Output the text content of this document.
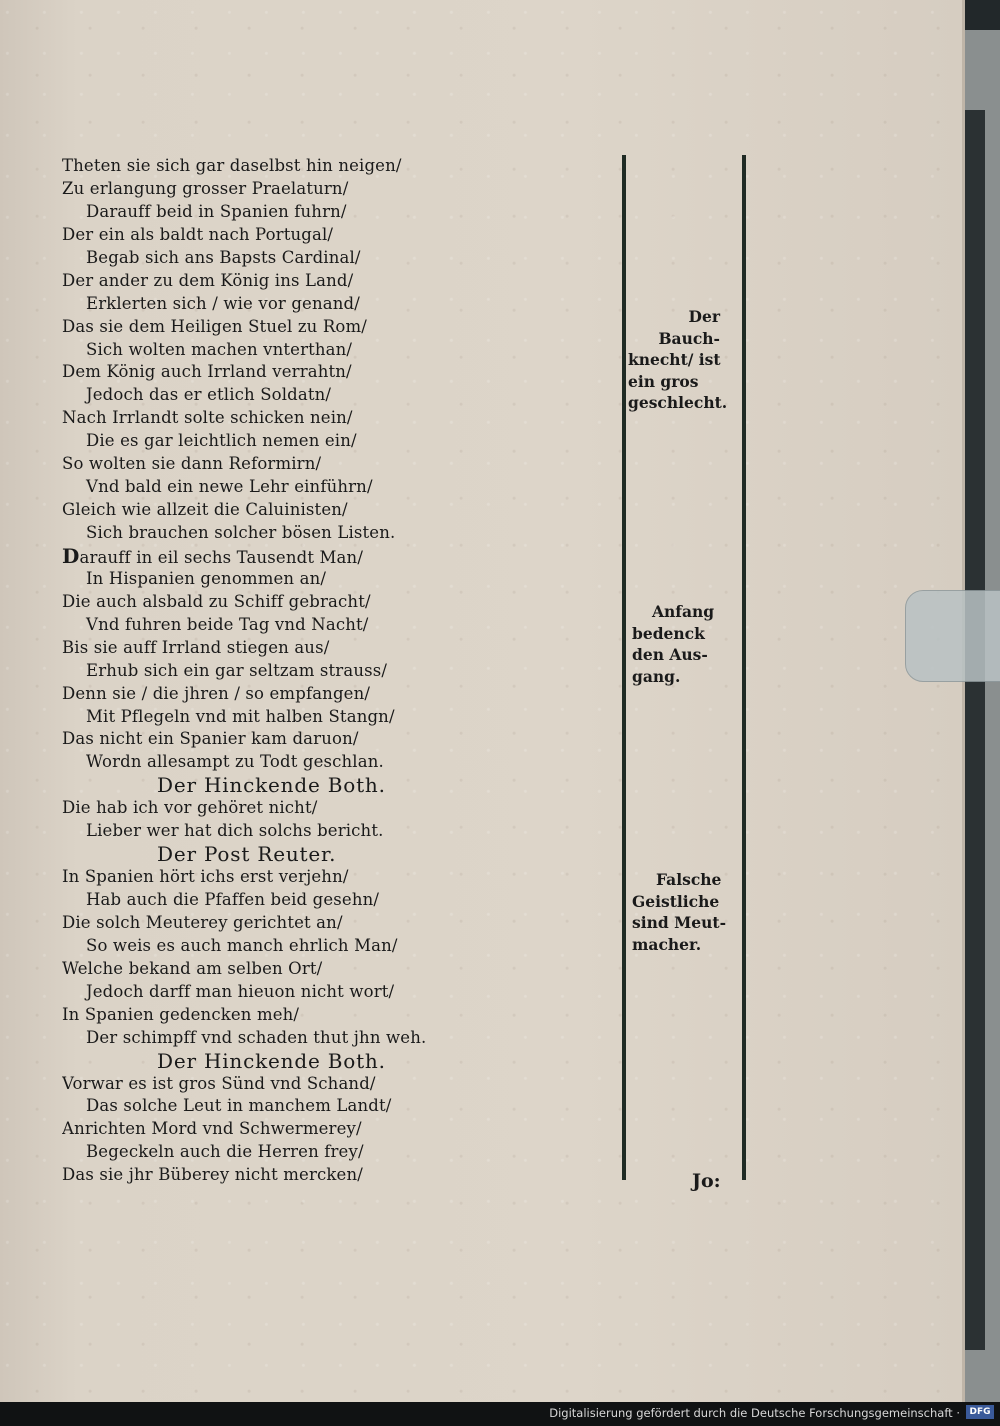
Theten sie sich gar daselbst hin neigen/
Zu erlangung grosser Praelaturn/
Darauff beid in Spanien fuhrn/
Der ein als baldt nach Portugal/
Begab sich ans Bapsts Cardinal/
Der ander zu dem König ins Land/
Erklerten sich / wie vor genand/
Das sie dem Heiligen Stuel zu Rom/
Sich wolten machen vnterthan/
Dem König auch Irrland verrahtn/
Jedoch das er etlich Soldatn/
Nach Irrlandt solte schicken nein/
Die es gar leichtlich nemen ein/
So wolten sie dann Reformirn/
Vnd bald ein newe Lehr einführn/
Gleich wie allzeit die Caluinisten/
Sich brauchen solcher bösen Listen.
Darauff in eil sechs Tausendt Man/
In Hispanien genommen an/
Die auch alsbald zu Schiff gebracht/
Vnd fuhren beide Tag vnd Nacht/
Bis sie auff Irrland stiegen aus/
Erhub sich ein gar seltzam strauss/
Denn sie / die jhren / so empfangen/
Mit Pflegeln vnd mit halben Stangn/
Das nicht ein Spanier kam daruon/
Wordn allesampt zu Todt geschlan.
Der Hinckende Both.
Die hab ich vor gehöret nicht/
Lieber wer hat dich solchs bericht.
Der Post Reuter.
In Spanien hört ichs erst verjehn/
Hab auch die Pfaffen beid gesehn/
Die solch Meuterey gerichtet an/
So weis es auch manch ehrlich Man/
Welche bekand am selben Ort/
Jedoch darff man hieuon nicht wort/
In Spanien gedencken meh/
Der schimpff vnd schaden thut jhn weh.
Der Hinckende Both.
Vorwar es ist gros Sünd vnd Schand/
Das solche Leut in manchem Landt/
Anrichten Mord vnd Schwermerey/
Begeckeln auch die Herren frey/
Das sie jhr Büberey nicht mercken/
Der
Bauch-
knecht/ ist
ein gros
geschlecht.
Anfang
bedenck
den Aus-
gang.
Falsche
Geistliche
sind Meut-
macher.
Jo:
Digitalisierung gefördert durch die Deutsche Forschungsgemeinschaft ·	DFG
